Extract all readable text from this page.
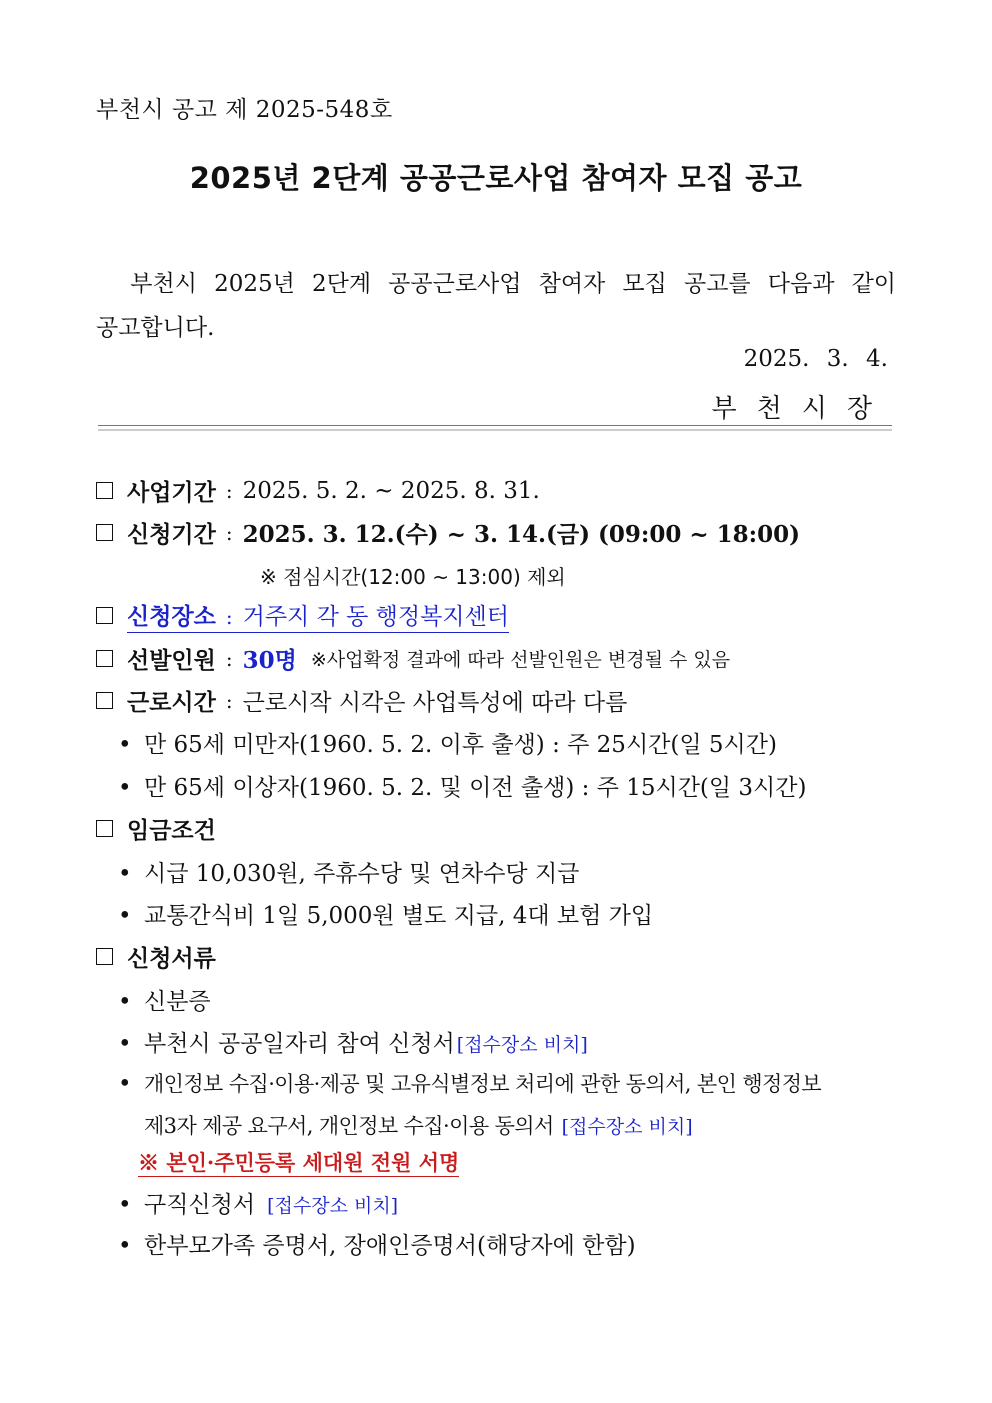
부천시 공고 제 2025-548호
2025년 2단계 공공근로사업 참여자 모집 공고
부천시 2025년 2단계 공공근로사업 참여자 모집 공고를 다음과 같이
공고합니다.
2025. 3. 4.
부천시장
사업기간 : 2025. 5. 2. ~ 2025. 8. 31.
신청기간 : 2025. 3. 12.(수) ~ 3. 14.(금) (09:00 ~ 18:00)
※ 점심시간(12:00 ~ 13:00) 제외
신청장소 : 거주지 각 동 행정복지센터
선발인원 : 30명 ※사업확정 결과에 따라 선발인원은 변경될 수 있음
근로시간 : 근로시작 시각은 사업특성에 따라 다름
• 만 65세 미만자(1960. 5. 2. 이후 출생) : 주 25시간(일 5시간)
• 만 65세 이상자(1960. 5. 2. 및 이전 출생) : 주 15시간(일 3시간)
임금조건
• 시급 10,030원, 주휴수당 및 연차수당 지급
• 교통간식비 1일 5,000원 별도 지급, 4대 보험 가입
신청서류
• 신분증
• 부천시 공공일자리 참여 신청서 [접수장소 비치]
• 개인정보 수집·이용·제공 및 고유식별정보 처리에 관한 동의서, 본인 행정정보
제3자 제공 요구서, 개인정보 수집·이용 동의서 [접수장소 비치]
※ 본인·주민등록 세대원 전원 서명
• 구직신청서 [접수장소 비치]
• 한부모가족 증명서, 장애인증명서(해당자에 한함)
